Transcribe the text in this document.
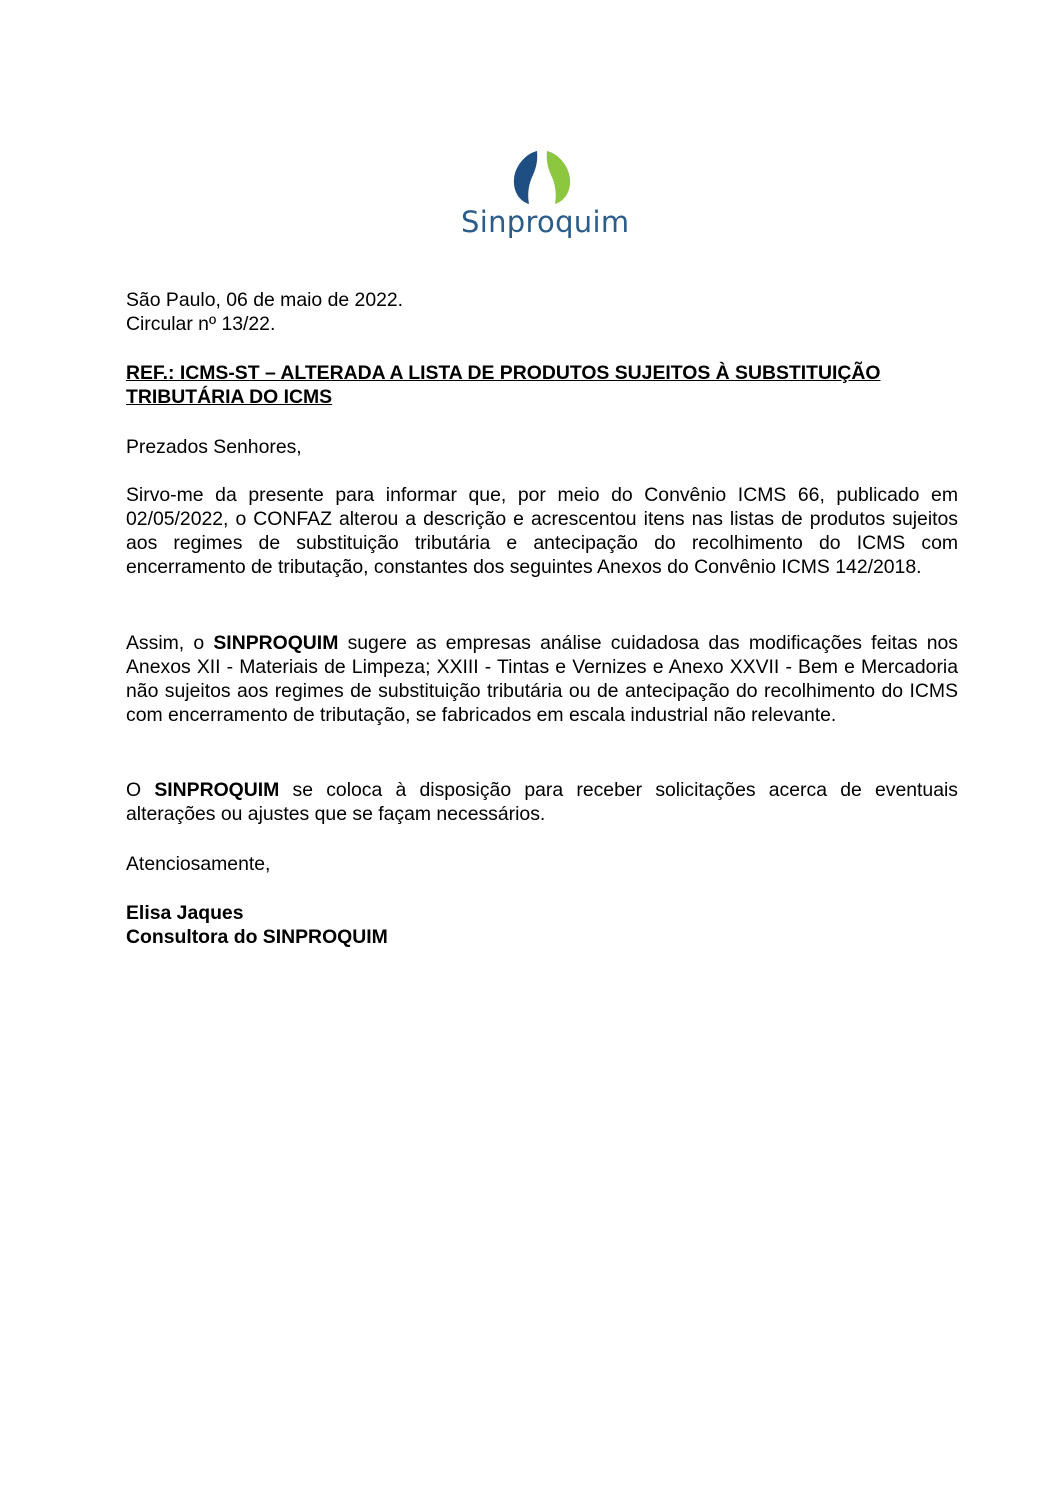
Sinproquim

São Paulo, 06 de maio de 2022.

Circular nº 13/22.

REF.: ICMS-ST – ALTERADA A LISTA DE PRODUTOS SUJEITOS À SUBSTITUIÇÃO TRIBUTÁRIA DO ICMS

Prezados Senhores,

Sirvo-me da presente para informar que, por meio do Convênio ICMS 66, publicado em 02/05/2022, o CONFAZ alterou a descrição e acrescentou itens nas listas de produtos sujeitos aos regimes de substituição tributária e antecipação do recolhimento do ICMS com encerramento de tributação, constantes dos seguintes Anexos do Convênio ICMS 142/2018.

Assim, o SINPROQUIM sugere as empresas análise cuidadosa das modificações feitas nos Anexos XII - Materiais de Limpeza; XXIII - Tintas e Vernizes e Anexo XXVII - Bem e Mercadoria não sujeitos aos regimes de substituição tributária ou de antecipação do recolhimento do ICMS com encerramento de tributação, se fabricados em escala industrial não relevante.

O SINPROQUIM se coloca à disposição para receber solicitações acerca de eventuais alterações ou ajustes que se façam necessários.

Atenciosamente,

Elisa Jaques

Consultora do SINPROQUIM
